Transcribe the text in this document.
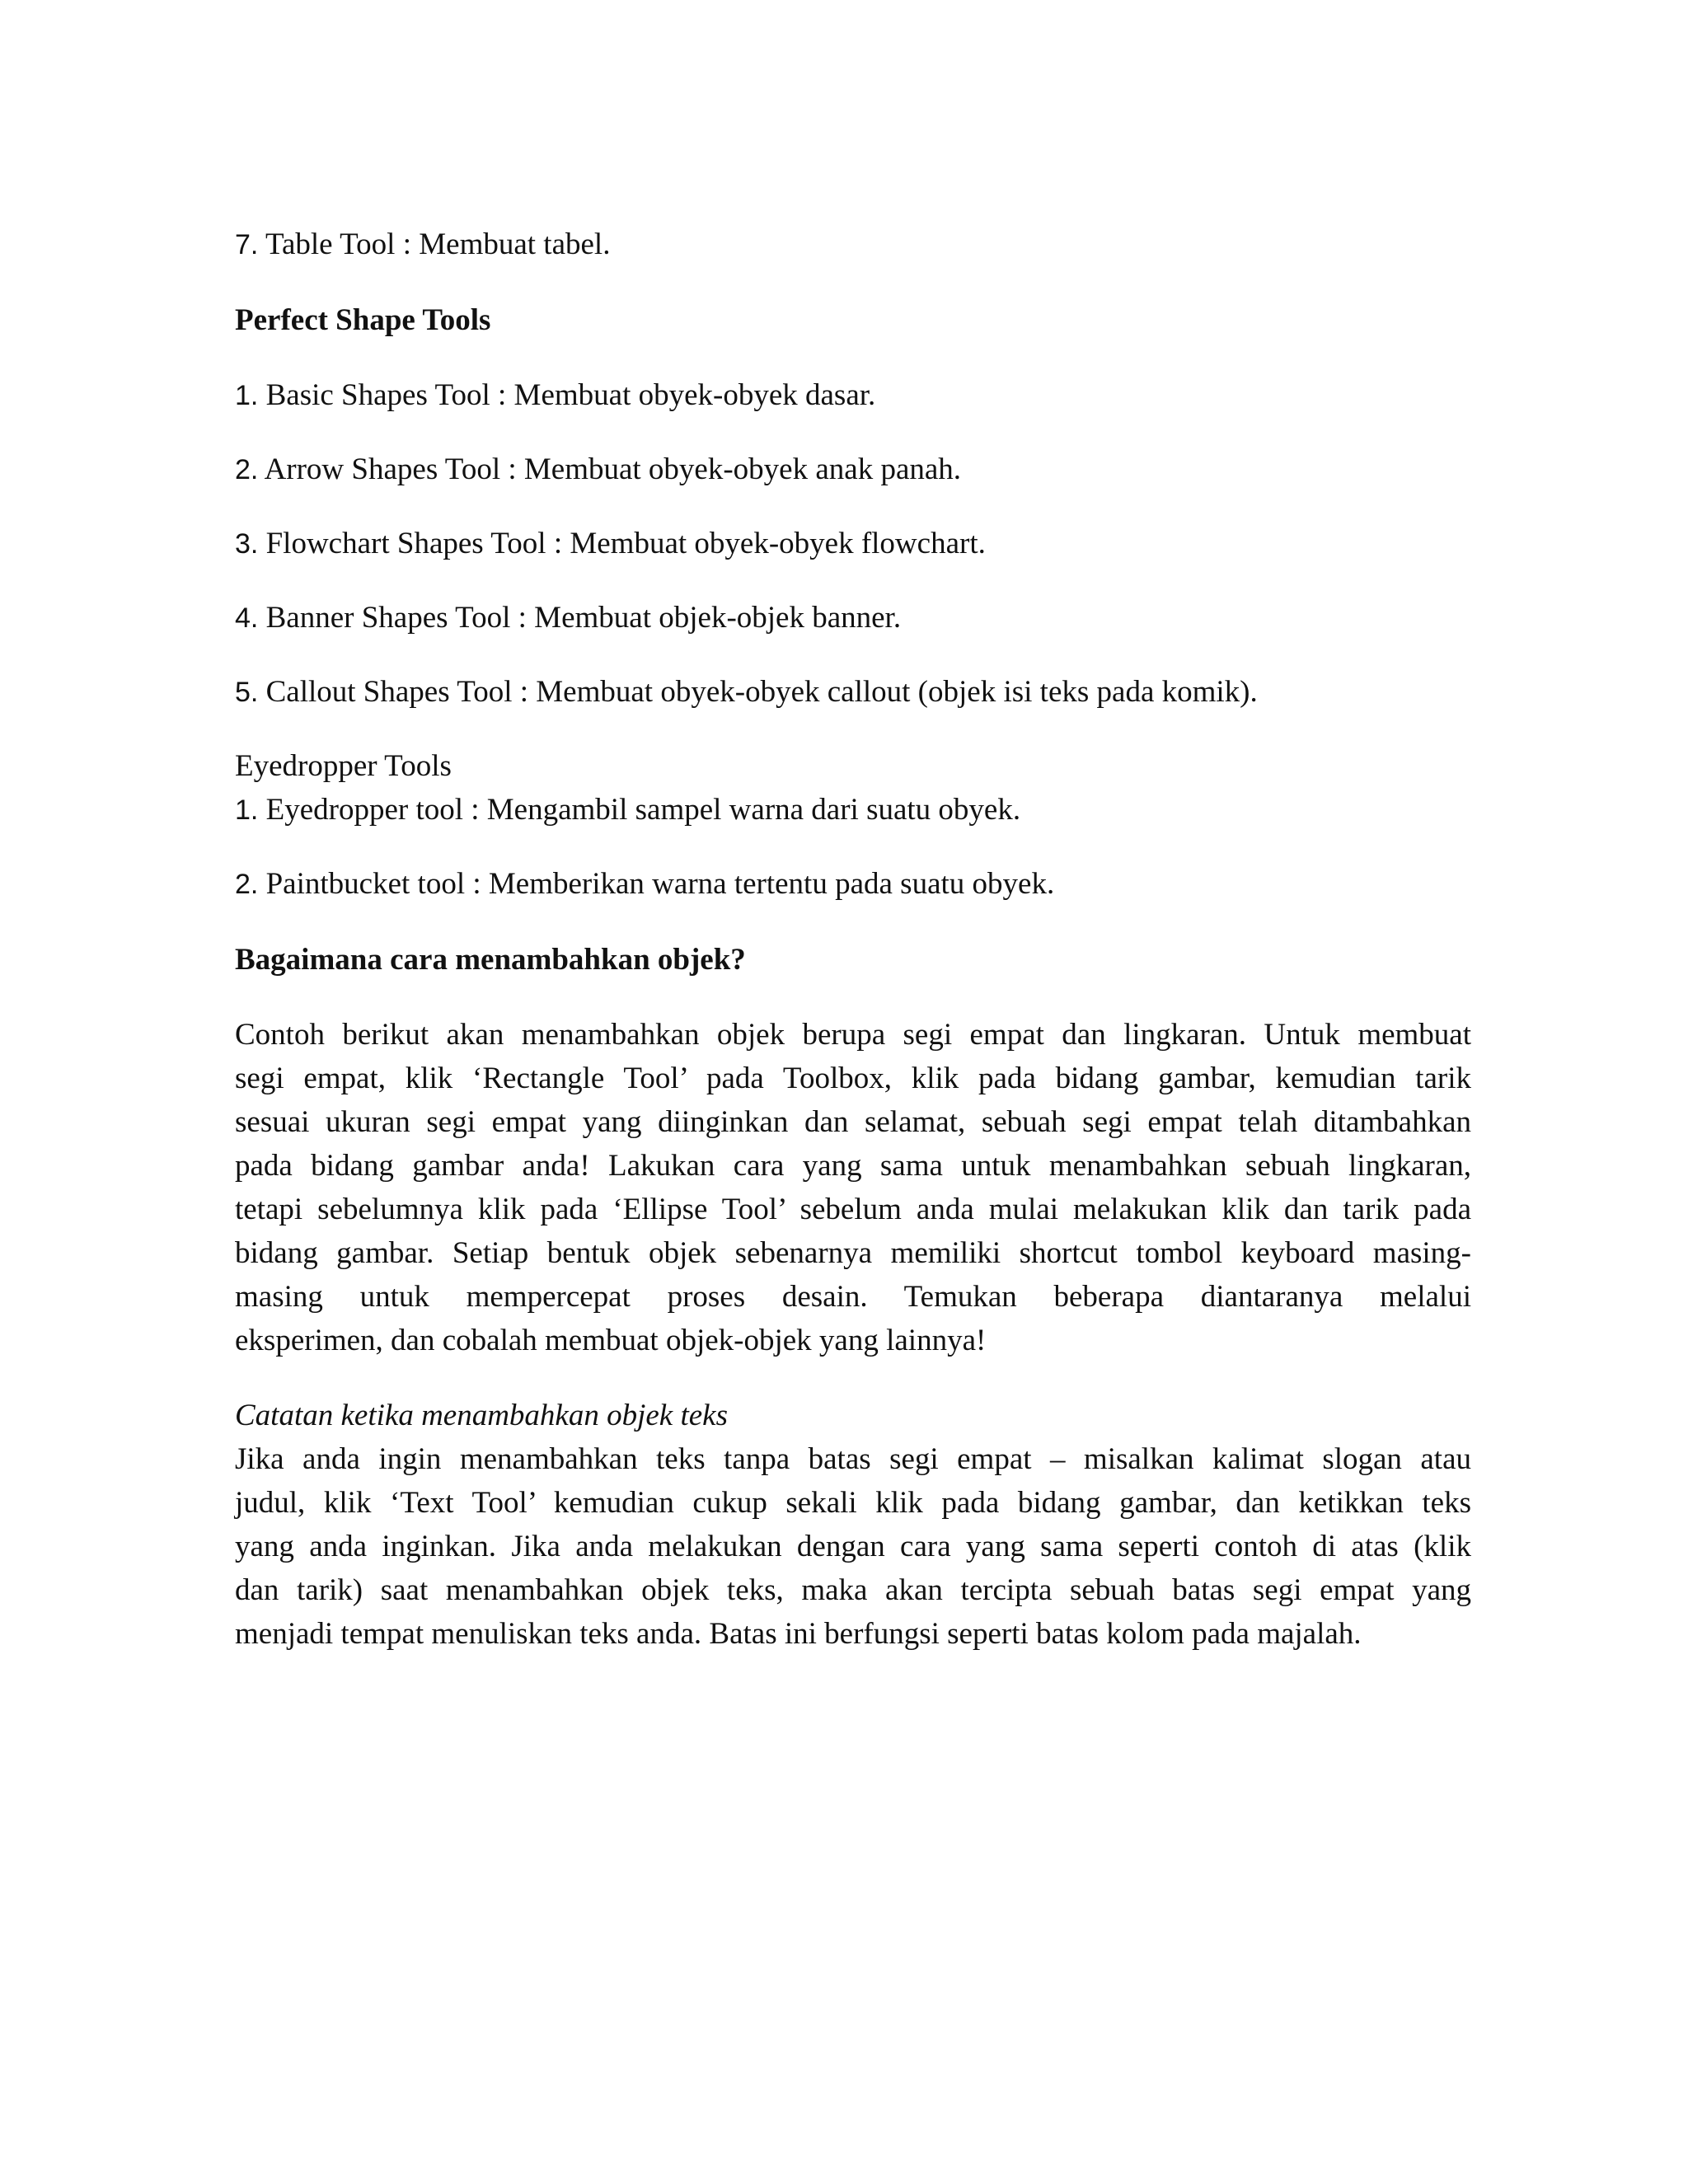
7. Table Tool : Membuat tabel.
Perfect Shape Tools
1. Basic Shapes Tool : Membuat obyek-obyek dasar.
2. Arrow Shapes Tool : Membuat obyek-obyek anak panah.
3. Flowchart Shapes Tool : Membuat obyek-obyek flowchart.
4. Banner Shapes Tool : Membuat objek-objek banner.
5. Callout Shapes Tool : Membuat obyek-obyek callout (objek isi teks pada komik).
Eyedropper Tools
1. Eyedropper tool : Mengambil sampel warna dari suatu obyek.
2. Paintbucket tool : Memberikan warna tertentu pada suatu obyek.
Bagaimana cara menambahkan objek?
Contoh berikut akan menambahkan objek berupa segi empat dan lingkaran. Untuk membuat
segi empat, klik ‘Rectangle Tool’ pada Toolbox, klik pada bidang gambar, kemudian tarik
sesuai ukuran segi empat yang diinginkan dan selamat, sebuah segi empat telah ditambahkan
pada bidang gambar anda! Lakukan cara yang sama untuk menambahkan sebuah lingkaran,
tetapi sebelumnya klik pada ‘Ellipse Tool’ sebelum anda mulai melakukan klik dan tarik pada
bidang gambar. Setiap bentuk objek sebenarnya memiliki shortcut tombol keyboard masing-
masing untuk mempercepat proses desain. Temukan beberapa diantaranya melalui
eksperimen, dan cobalah membuat objek-objek yang lainnya!
Catatan ketika menambahkan objek teks
Jika anda ingin menambahkan teks tanpa batas segi empat – misalkan kalimat slogan atau
judul, klik ‘Text Tool’ kemudian cukup sekali klik pada bidang gambar, dan ketikkan teks
yang anda inginkan. Jika anda melakukan dengan cara yang sama seperti contoh di atas (klik
dan tarik) saat menambahkan objek teks, maka akan tercipta sebuah batas segi empat yang
menjadi tempat menuliskan teks anda. Batas ini berfungsi seperti batas kolom pada majalah.
